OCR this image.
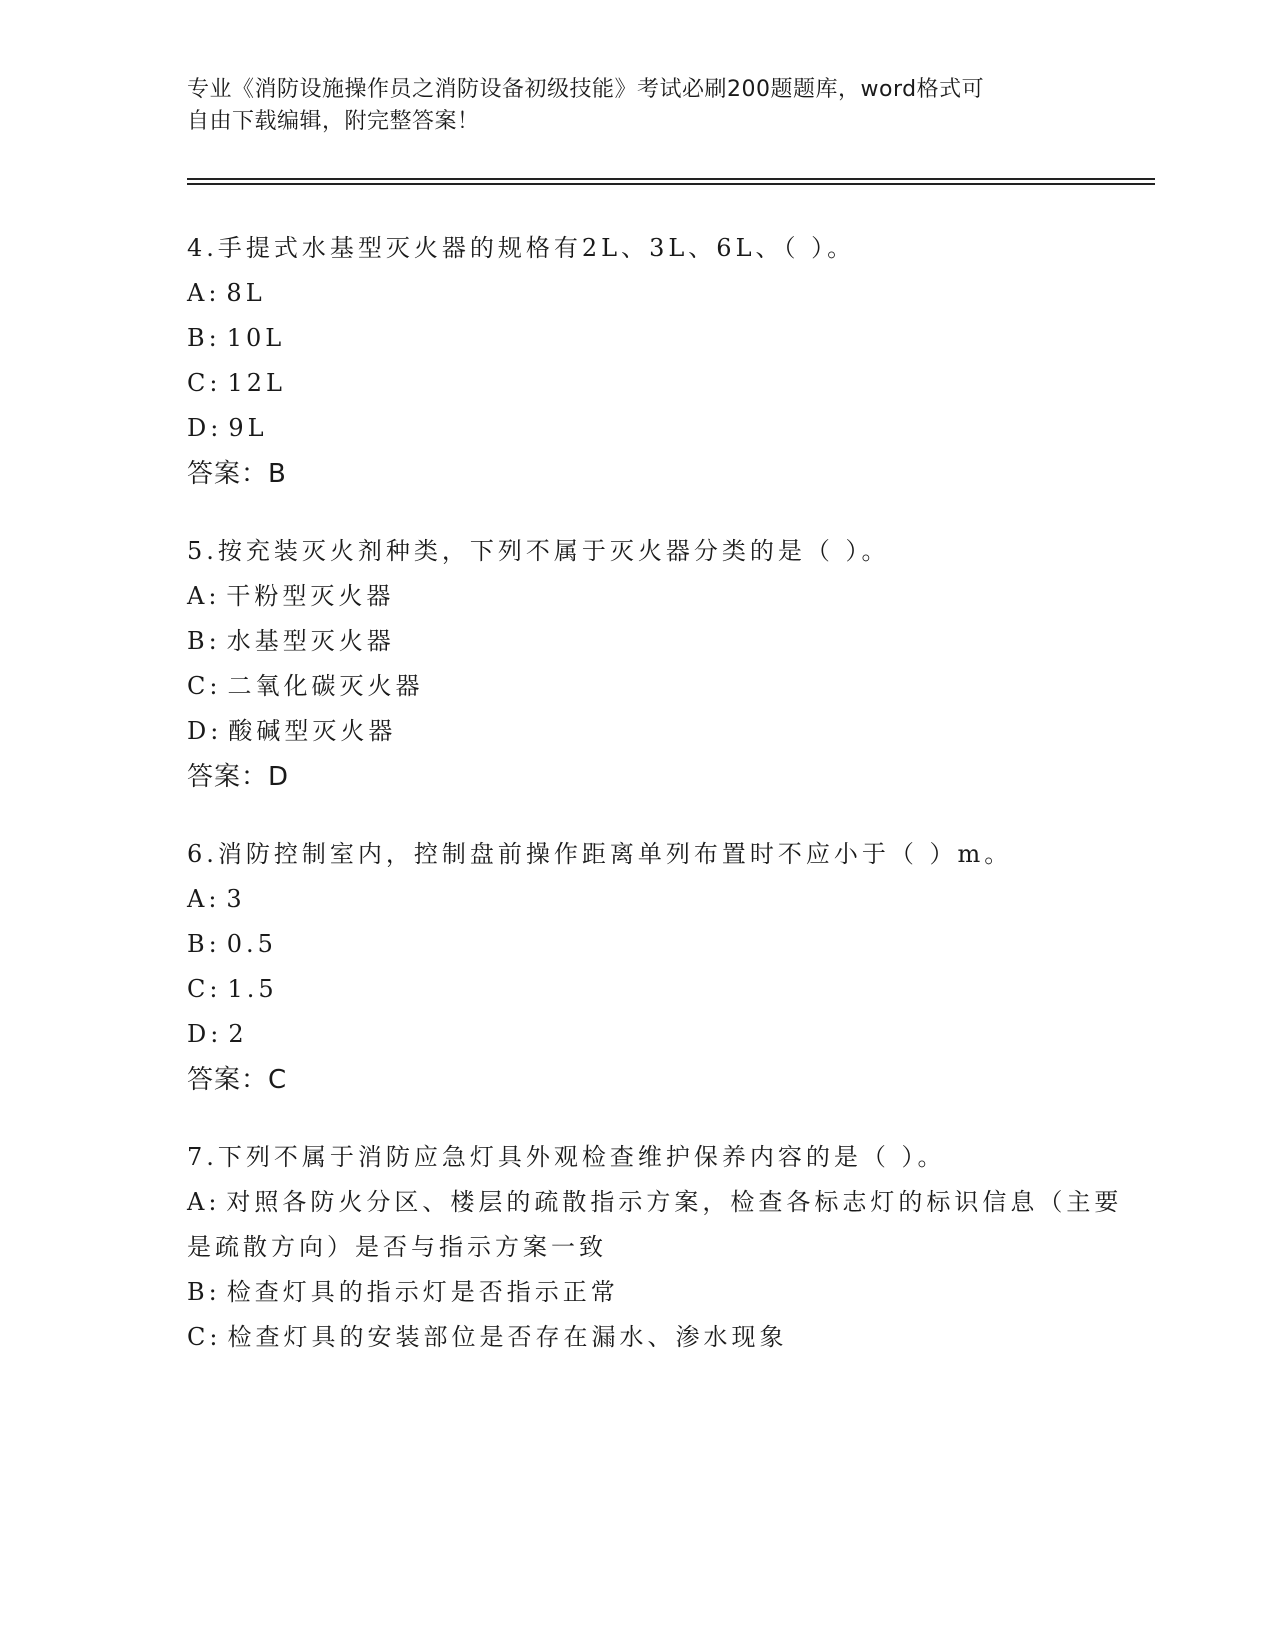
专业《消防设施操作员之消防设备初级技能》考试必刷200题题库，word格式可
自由下载编辑，附完整答案！
4.手提式水基型灭火器的规格有2L、3L、6L、（ ）。
A: 8L
B: 10L
C: 12L
D: 9L
答案：B
5.按充装灭火剂种类，下列不属于灭火器分类的是（ ）。
A: 干粉型灭火器
B: 水基型灭火器
C: 二氧化碳灭火器
D: 酸碱型灭火器
答案：D
6.消防控制室内，控制盘前操作距离单列布置时不应小于（ ）m。
A: 3
B: 0.5
C: 1.5
D: 2
答案：C
7.下列不属于消防应急灯具外观检查维护保养内容的是（ ）。
A: 对照各防火分区、楼层的疏散指示方案，检查各标志灯的标识信息（主要是疏散方向）是否与指示方案一致
B: 检查灯具的指示灯是否指示正常
C: 检查灯具的安装部位是否存在漏水、渗水现象
